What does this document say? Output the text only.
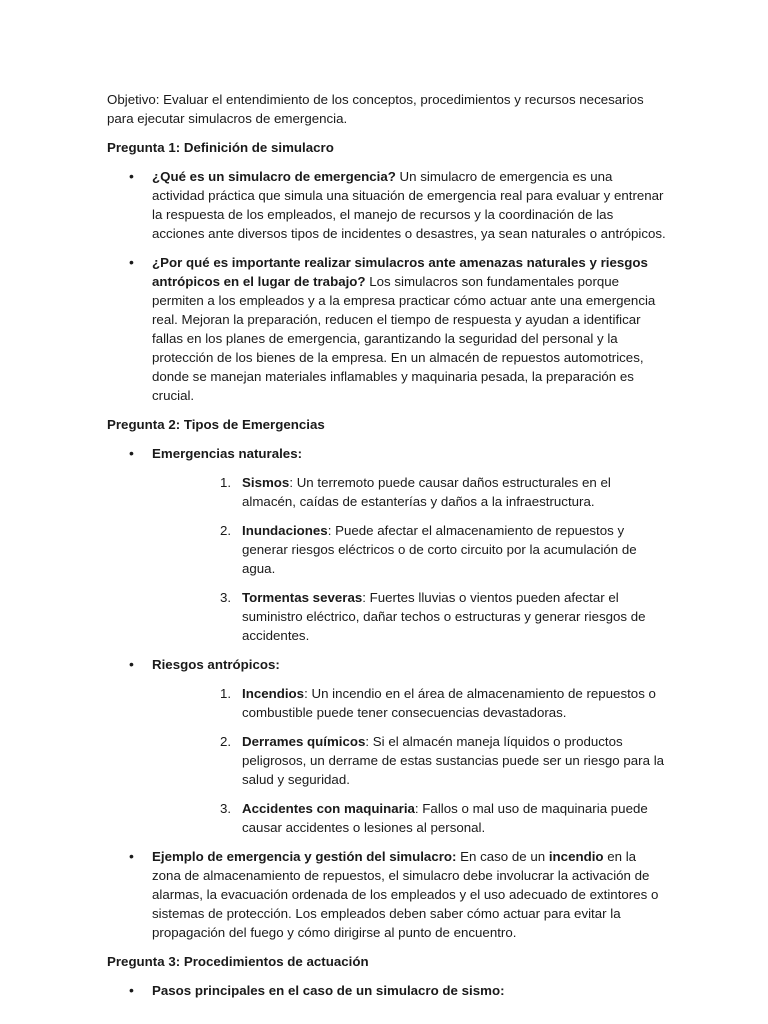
Objetivo: Evaluar el entendimiento de los conceptos, procedimientos y recursos necesarios para ejecutar simulacros de emergencia.

Pregunta 1: Definición de simulacro

• ¿Qué es un simulacro de emergencia? Un simulacro de emergencia es una actividad práctica que simula una situación de emergencia real para evaluar y entrenar la respuesta de los empleados, el manejo de recursos y la coordinación de las acciones ante diversos tipos de incidentes o desastres, ya sean naturales o antrópicos.
• ¿Por qué es importante realizar simulacros ante amenazas naturales y riesgos antrópicos en el lugar de trabajo? Los simulacros son fundamentales porque permiten a los empleados y a la empresa practicar cómo actuar ante una emergencia real. Mejoran la preparación, reducen el tiempo de respuesta y ayudan a identificar fallas en los planes de emergencia, garantizando la seguridad del personal y la protección de los bienes de la empresa. En un almacén de repuestos automotrices, donde se manejan materiales inflamables y maquinaria pesada, la preparación es crucial.

Pregunta 2: Tipos de Emergencias

• Emergencias naturales:
1. Sismos: Un terremoto puede causar daños estructurales en el almacén, caídas de estanterías y daños a la infraestructura.
2. Inundaciones: Puede afectar el almacenamiento de repuestos y generar riesgos eléctricos o de corto circuito por la acumulación de agua.
3. Tormentas severas: Fuertes lluvias o vientos pueden afectar el suministro eléctrico, dañar techos o estructuras y generar riesgos de accidentes.
• Riesgos antrópicos:
1. Incendios: Un incendio en el área de almacenamiento de repuestos o combustible puede tener consecuencias devastadoras.
2. Derrames químicos: Si el almacén maneja líquidos o productos peligrosos, un derrame de estas sustancias puede ser un riesgo para la salud y seguridad.
3. Accidentes con maquinaria: Fallos o mal uso de maquinaria puede causar accidentes o lesiones al personal.
• Ejemplo de emergencia y gestión del simulacro: En caso de un incendio en la zona de almacenamiento de repuestos, el simulacro debe involucrar la activación de alarmas, la evacuación ordenada de los empleados y el uso adecuado de extintores o sistemas de protección. Los empleados deben saber cómo actuar para evitar la propagación del fuego y cómo dirigirse al punto de encuentro.

Pregunta 3: Procedimientos de actuación

• Pasos principales en el caso de un simulacro de sismo:
